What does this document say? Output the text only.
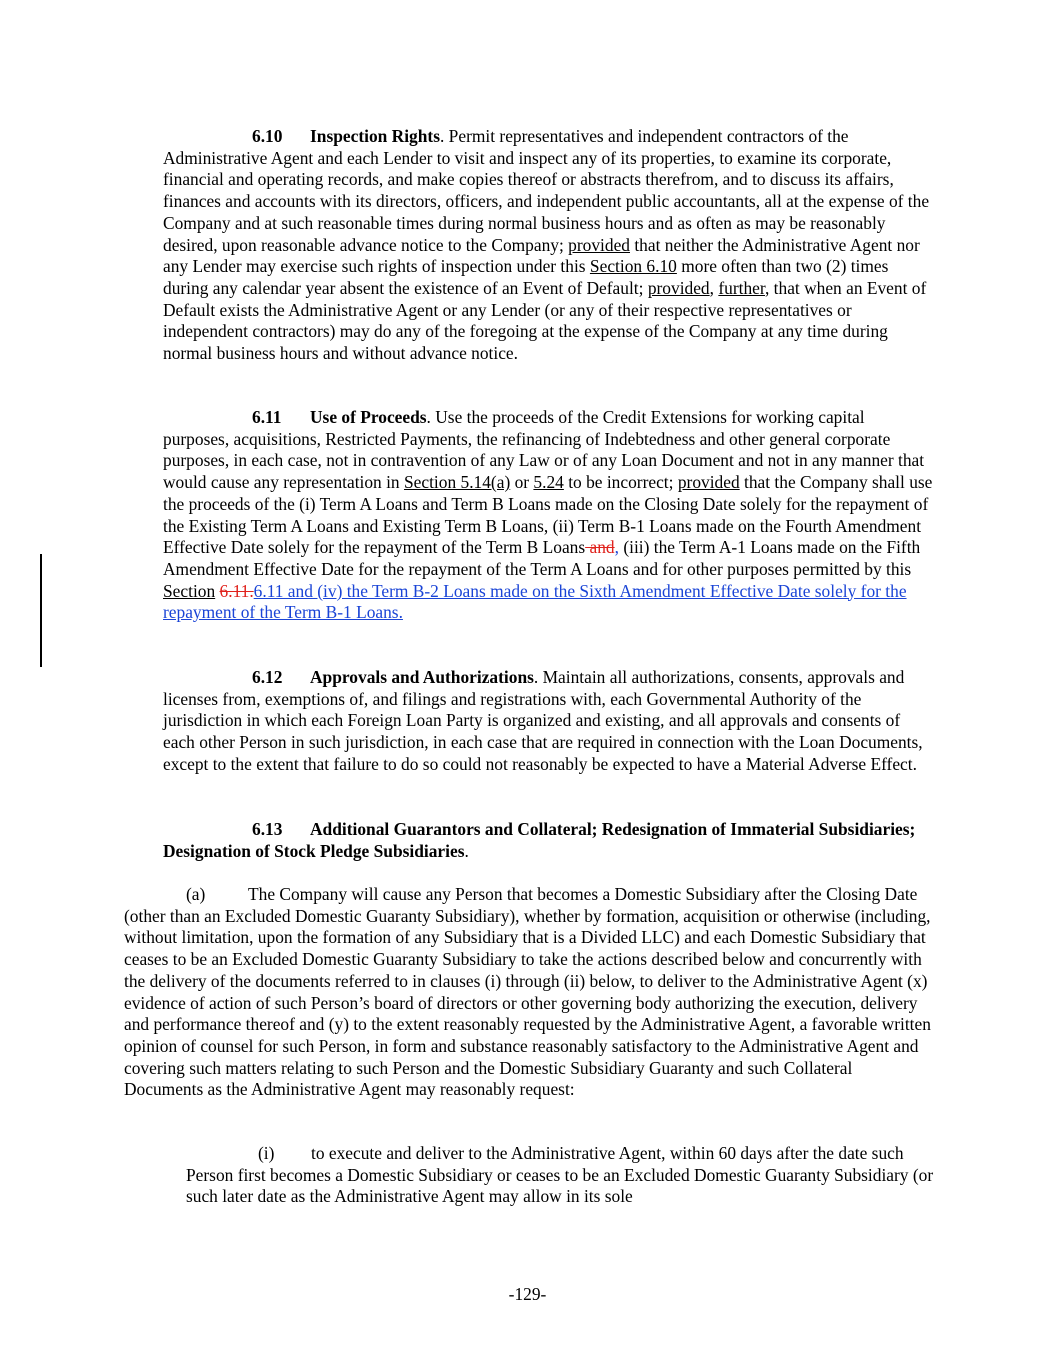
6.10 Inspection Rights. Permit representatives and independent contractors of the Administrative Agent and each Lender to visit and inspect any of its properties, to examine its corporate, financial and operating records, and make copies thereof or abstracts therefrom, and to discuss its affairs, finances and accounts with its directors, officers, and independent public accountants, all at the expense of the Company and at such reasonable times during normal business hours and as often as may be reasonably desired, upon reasonable advance notice to the Company; provided that neither the Administrative Agent nor any Lender may exercise such rights of inspection under this Section 6.10 more often than two (2) times during any calendar year absent the existence of an Event of Default; provided, further, that when an Event of Default exists the Administrative Agent or any Lender (or any of their respective representatives or independent contractors) may do any of the foregoing at the expense of the Company at any time during normal business hours and without advance notice.

6.11 Use of Proceeds. Use the proceeds of the Credit Extensions for working capital purposes, acquisitions, Restricted Payments, the refinancing of Indebtedness and other general corporate purposes, in each case, not in contravention of any Law or of any Loan Document and not in any manner that would cause any representation in Section 5.14(a) or 5.24 to be incorrect; provided that the Company shall use the proceeds of the (i) Term A Loans and Term B Loans made on the Closing Date solely for the repayment of the Existing Term A Loans and Existing Term B Loans, (ii) Term B-1 Loans made on the Fourth Amendment Effective Date solely for the repayment of the Term B Loans and, (iii) the Term A-1 Loans made on the Fifth Amendment Effective Date for the repayment of the Term A Loans and for other purposes permitted by this Section 6.11.6.11 and (iv) the Term B-2 Loans made on the Sixth Amendment Effective Date solely for the repayment of the Term B-1 Loans.

6.12 Approvals and Authorizations. Maintain all authorizations, consents, approvals and licenses from, exemptions of, and filings and registrations with, each Governmental Authority of the jurisdiction in which each Foreign Loan Party is organized and existing, and all approvals and consents of each other Person in such jurisdiction, in each case that are required in connection with the Loan Documents, except to the extent that failure to do so could not reasonably be expected to have a Material Adverse Effect.

6.13 Additional Guarantors and Collateral; Redesignation of Immaterial Subsidiaries; Designation of Stock Pledge Subsidiaries.

(a) The Company will cause any Person that becomes a Domestic Subsidiary after the Closing Date (other than an Excluded Domestic Guaranty Subsidiary), whether by formation, acquisition or otherwise (including, without limitation, upon the formation of any Subsidiary that is a Divided LLC) and each Domestic Subsidiary that ceases to be an Excluded Domestic Guaranty Subsidiary to take the actions described below and concurrently with the delivery of the documents referred to in clauses (i) through (ii) below, to deliver to the Administrative Agent (x) evidence of action of such Person’s board of directors or other governing body authorizing the execution, delivery and performance thereof and (y) to the extent reasonably requested by the Administrative Agent, a favorable written opinion of counsel for such Person, in form and substance reasonably satisfactory to the Administrative Agent and covering such matters relating to such Person and the Domestic Subsidiary Guaranty and such Collateral Documents as the Administrative Agent may reasonably request:

(i) to execute and deliver to the Administrative Agent, within 60 days after the date such Person first becomes a Domestic Subsidiary or ceases to be an Excluded Domestic Guaranty Subsidiary (or such later date as the Administrative Agent may allow in its sole

-129-
